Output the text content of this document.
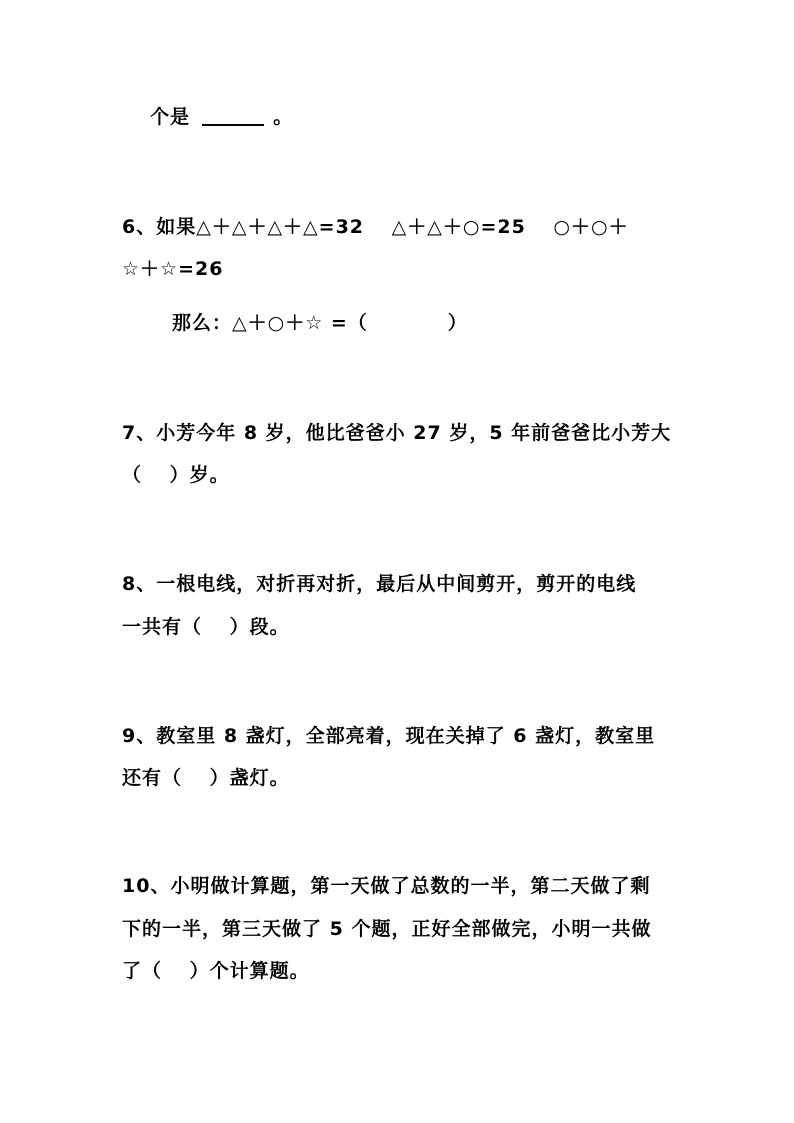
个是	。
6、如果△＋△＋△＋△=32　 △＋△＋○=25　 ○＋○＋
☆＋☆=26
那么：△＋○＋☆ =（　　　　）
7、小芳今年 8 岁，他比爸爸小 27 岁，5 年前爸爸比小芳大
（　 ）岁。
8、一根电线，对折再对折，最后从中间剪开，剪开的电线
一共有（　 ）段。
9、教室里 8 盏灯，全部亮着，现在关掉了 6 盏灯，教室里
还有（　 ）盏灯。
10、小明做计算题，第一天做了总数的一半，第二天做了剩
下的一半，第三天做了 5 个题，正好全部做完，小明一共做
了（　 ）个计算题。
